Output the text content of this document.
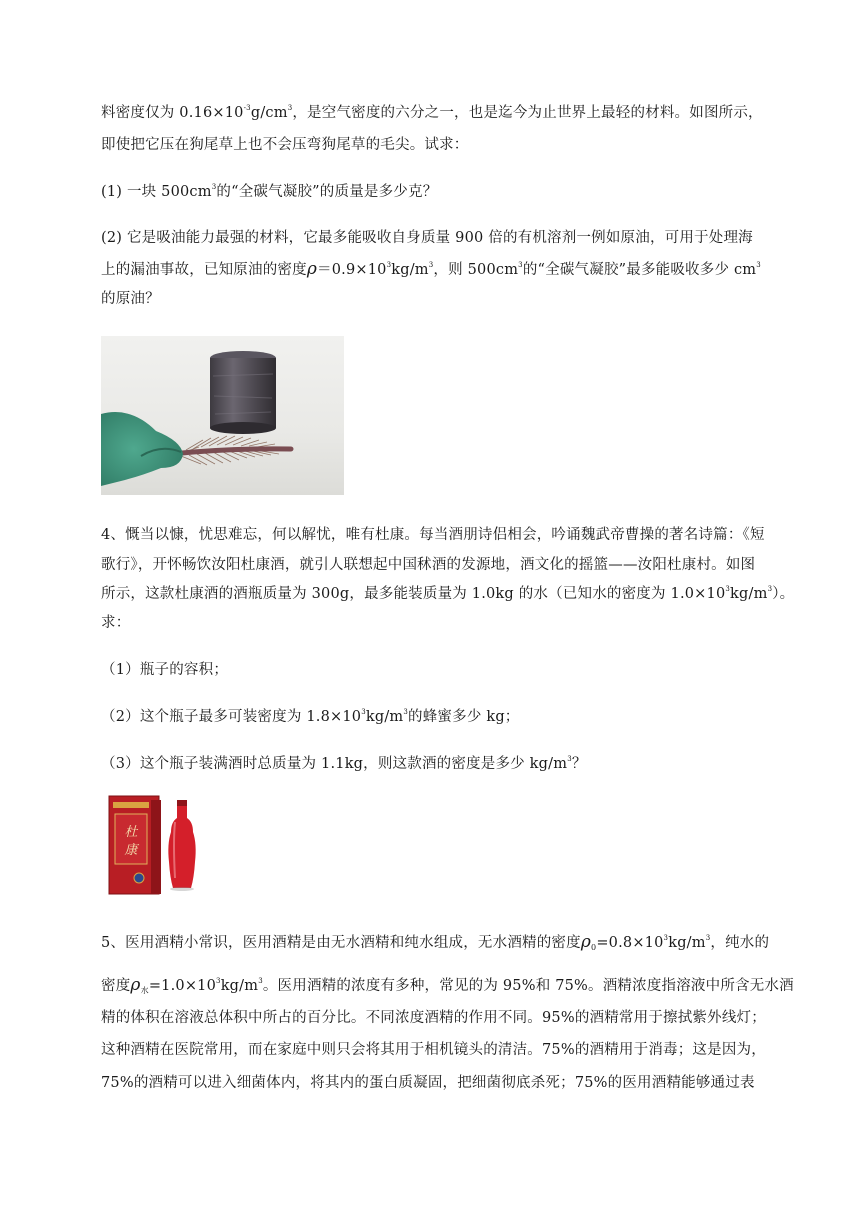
料密度仅为 $0.16\times 10^{-3}g/cm^3$，是空气密度的六分之一，也是迄今为止世界上最轻的材料。如图所示，
即使把它压在狗尾草上也不会压弯狗尾草的毛尖。试求：
(1) 一块 $500cm^3$的“全碳气凝胶”的质量是多少克？
(2) 它是吸油能力最强的材料，它最多能吸收自身质量 900 倍的有机溶剂一例如原油，可用于处理海
上的漏油事故，已知原油的密度$\rho=0.9\times 10^3kg/m^3$，则 $500cm^3$的“全碳气凝胶”最多能吸收多少 $cm^3$
的原油？
4、慨当以慷，忧思难忘，何以解忧，唯有杜康。每当酒朋诗侣相会，吟诵魏武帝曹操的著名诗篇：《短
歌行》，开怀畅饮汝阳杜康酒，就引人联想起中国秫酒的发源地，酒文化的摇篮——汝阳杜康村。如图
所示，这款杜康酒的酒瓶质量为 300g，最多能装质量为 1.0kg 的水（已知水的密度为 $1.0\times 10^3kg/m^3$）。
求：
（1）瓶子的容积；
（2）这个瓶子最多可装密度为 $1.8\times 10^3kg/m^3$的蜂蜜多少 kg；
（3）这个瓶子装满酒时总质量为 1.1kg，则这款酒的密度是多少 $kg/m^3$？
杜
康
5、医用酒精小常识，医用酒精是由无水酒精和纯水组成，无水酒精的密度$\rho_0=0.8\times 10^3kg/m^3$，纯水的
密度$\rho_水=1.0\times 10^3kg/m^3$。医用酒精的浓度有多种，常见的为 95%和 75%。酒精浓度指溶液中所含无水酒
精的体积在溶液总体积中所占的百分比。不同浓度酒精的作用不同。95%的酒精常用于擦拭紫外线灯；
这种酒精在医院常用，而在家庭中则只会将其用于相机镜头的清洁。75%的酒精用于消毒；这是因为，
75%的酒精可以进入细菌体内，将其内的蛋白质凝固，把细菌彻底杀死；75%的医用酒精能够通过表
